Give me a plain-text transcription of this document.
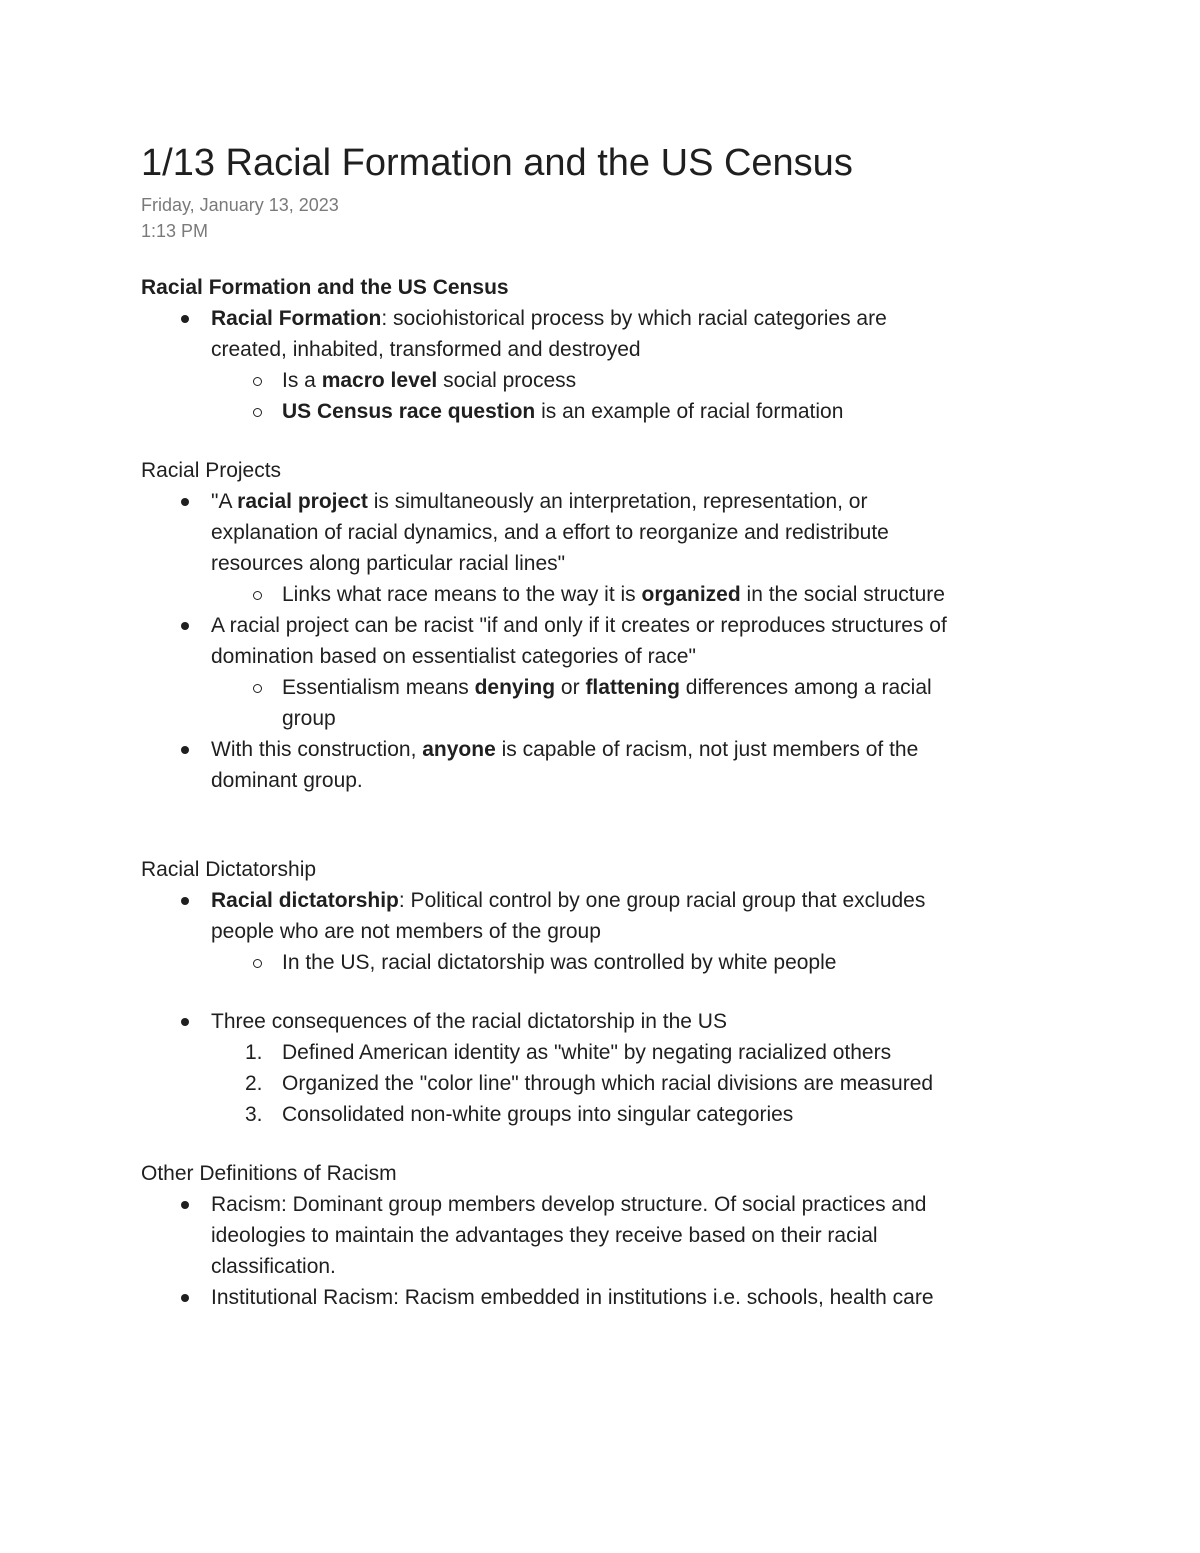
1/13 Racial Formation and the US Census
Friday, January 13, 2023
1:13 PM
Racial Formation and the US Census
Racial Formation: sociohistorical process by which racial categories are
created, inhabited, transformed and destroyed
Is a macro level social process
US Census race question is an example of racial formation
Racial Projects
"A racial project is simultaneously an interpretation, representation, or
explanation of racial dynamics, and a effort to reorganize and redistribute
resources along particular racial lines"
Links what race means to the way it is organized in the social structure
A racial project can be racist "if and only if it creates or reproduces structures of
domination based on essentialist categories of race"
Essentialism means denying or flattening differences among a racial
group
With this construction, anyone is capable of racism, not just members of the
dominant group.
Racial Dictatorship
Racial dictatorship: Political control by one group racial group that excludes
people who are not members of the group
In the US, racial dictatorship was controlled by white people
Three consequences of the racial dictatorship in the US
1. Defined American identity as "white" by negating racialized others
2. Organized the "color line" through which racial divisions are measured
3. Consolidated non-white groups into singular categories
Other Definitions of Racism
Racism: Dominant group members develop structure. Of social practices and
ideologies to maintain the advantages they receive based on their racial
classification.
Institutional Racism: Racism embedded in institutions i.e. schools, health care
